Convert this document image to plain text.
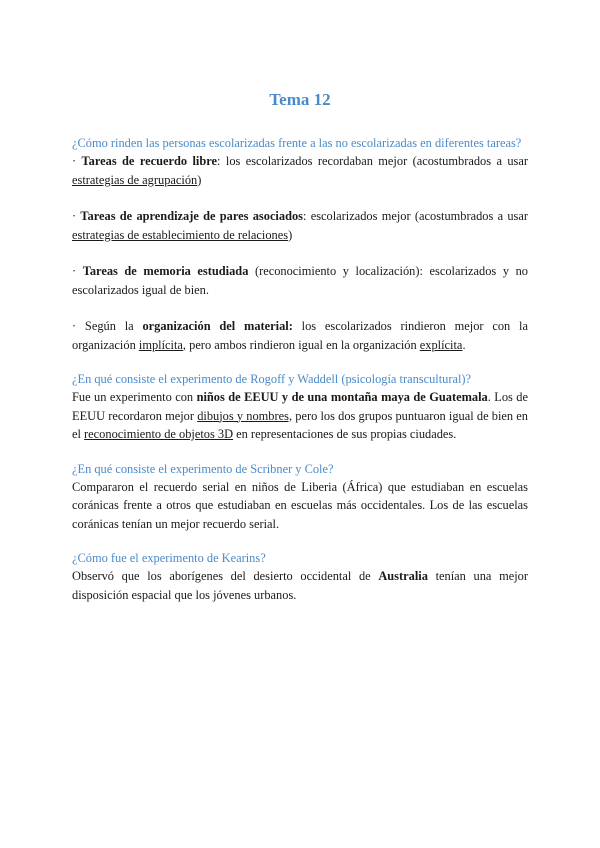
Tema 12

¿Cómo rinden las personas escolarizadas frente a las no escolarizadas en diferentes tareas?

· Tareas de recuerdo libre: los escolarizados recordaban mejor (acostumbrados a usar estrategias de agrupación)

· Tareas de aprendizaje de pares asociados: escolarizados mejor (acostumbrados a usar estrategias de establecimiento de relaciones)

· Tareas de memoria estudiada (reconocimiento y localización): escolarizados y no escolarizados igual de bien.

· Según la organización del material: los escolarizados rindieron mejor con la organización implícita, pero ambos rindieron igual en la organización explícita.

¿En qué consiste el experimento de Rogoff y Waddell (psicología transcultural)?

Fue un experimento con niños de EEUU y de una montaña maya de Guatemala. Los de EEUU recordaron mejor dibujos y nombres, pero los dos grupos puntuaron igual de bien en el reconocimiento de objetos 3D en representaciones de sus propias ciudades.

¿En qué consiste el experimento de Scribner y Cole?

Compararon el recuerdo serial en niños de Liberia (África) que estudiaban en escuelas coránicas frente a otros que estudiaban en escuelas más occidentales. Los de las escuelas coránicas tenían un mejor recuerdo serial.

¿Cómo fue el experimento de Kearins?

Observó que los aborígenes del desierto occidental de Australia tenían una mejor disposición espacial que los jóvenes urbanos.
